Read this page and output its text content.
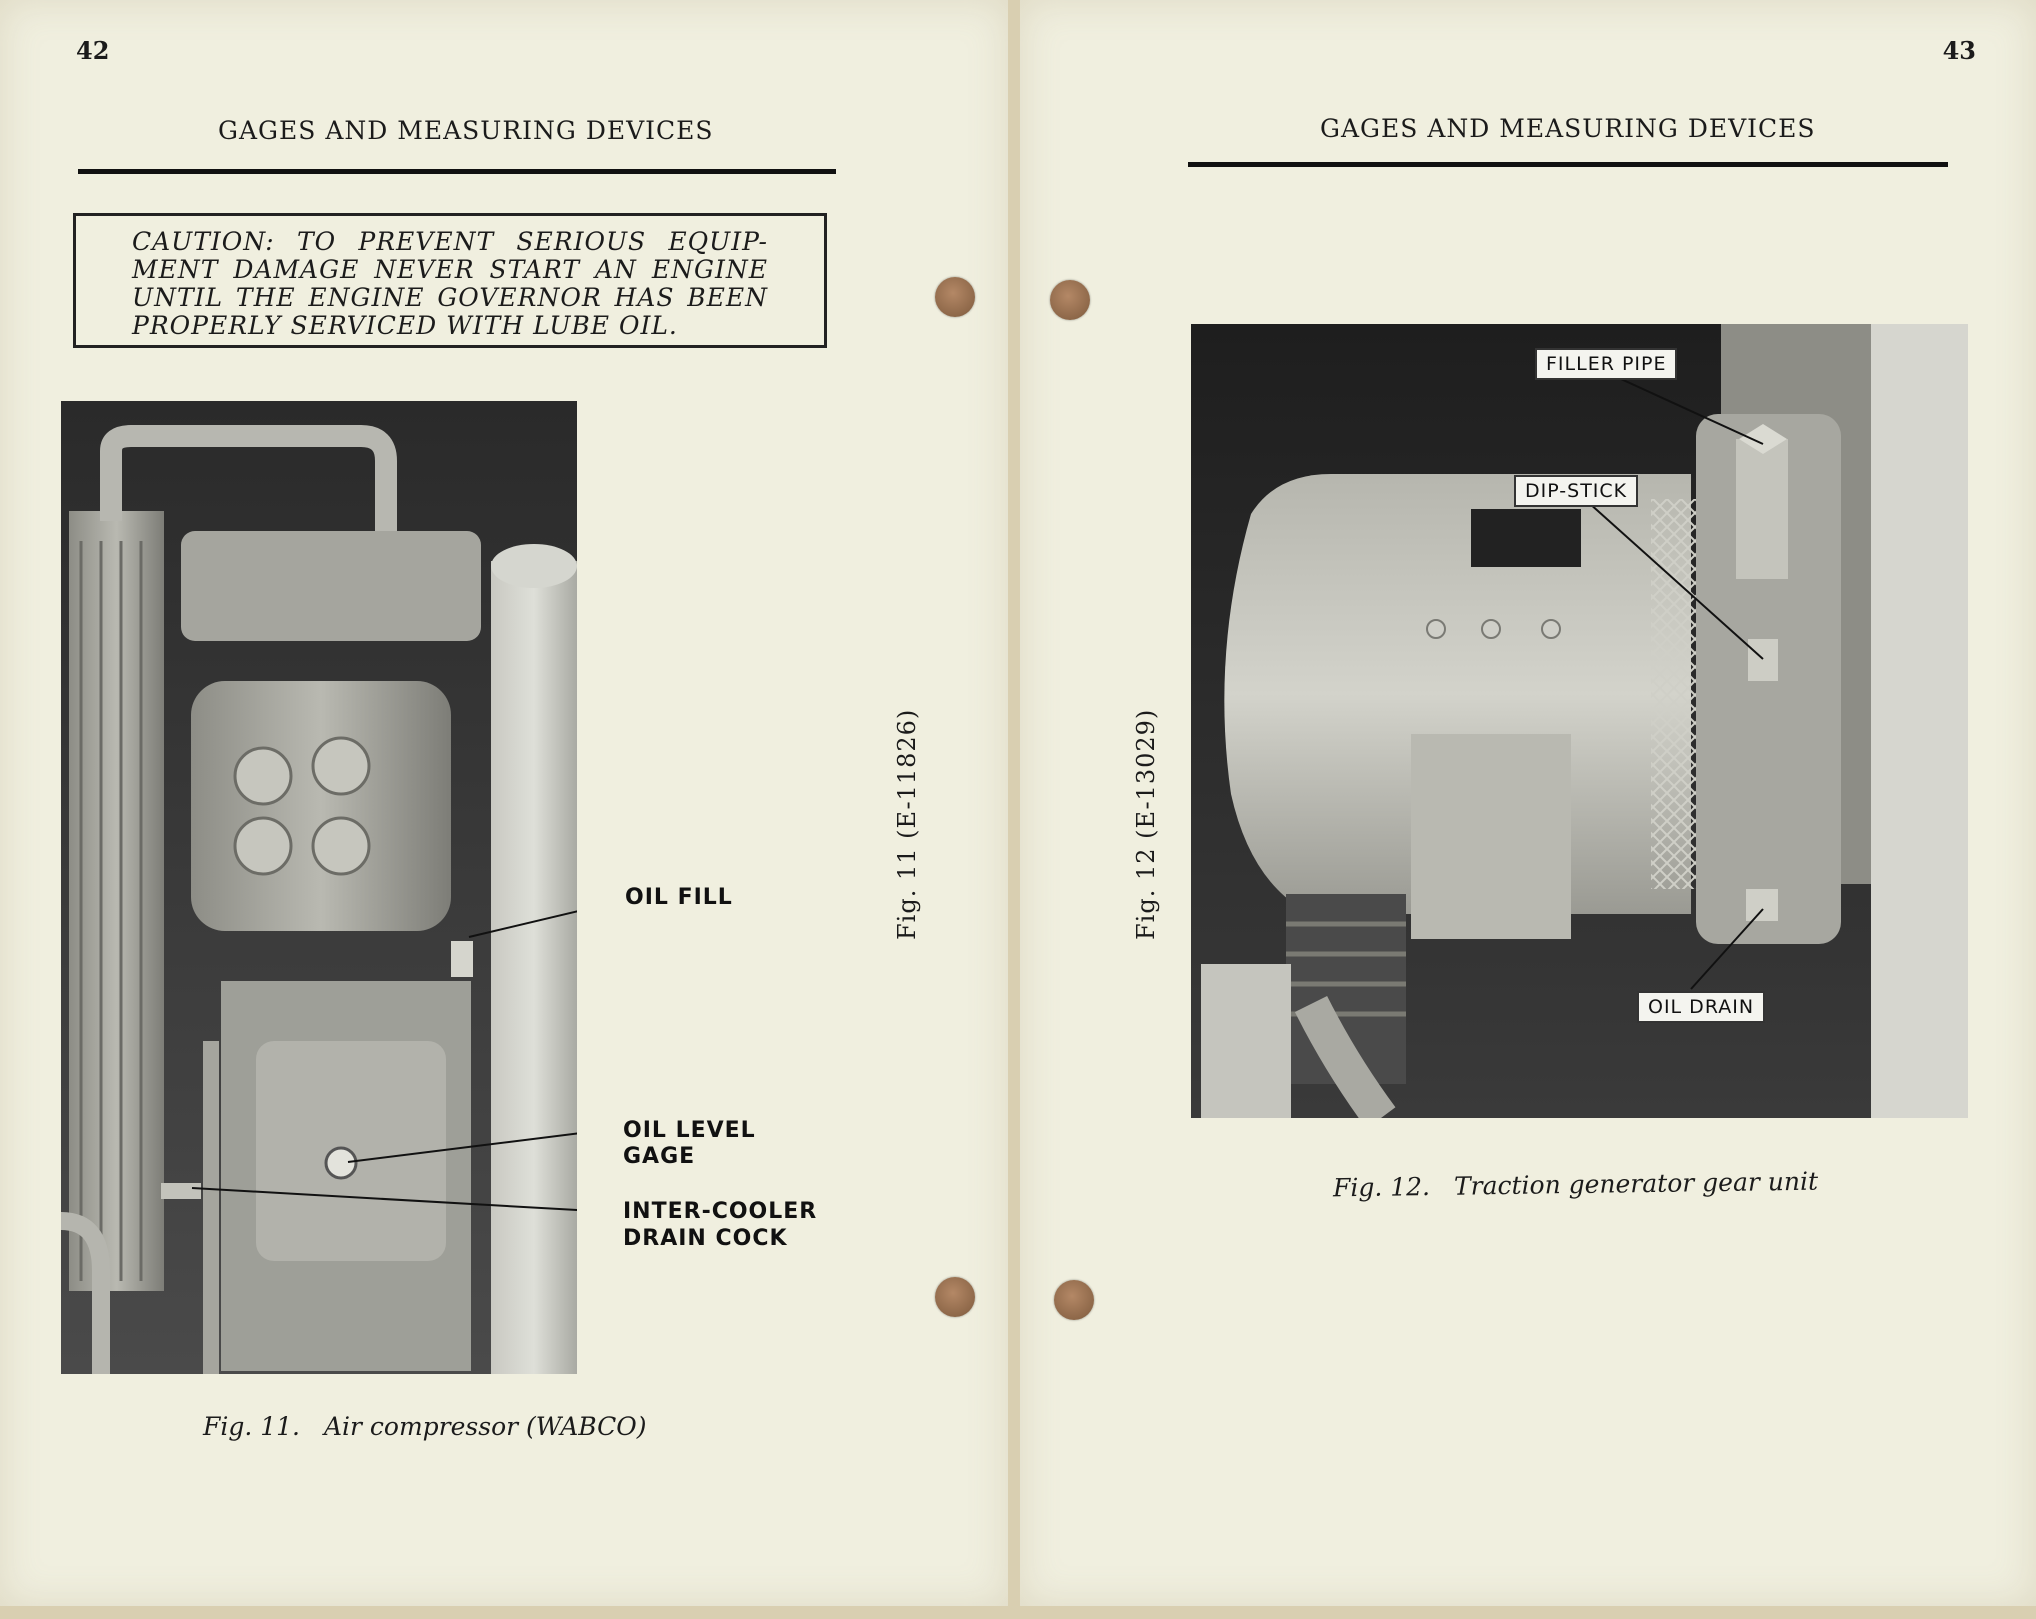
42
GAGES AND MEASURING DEVICES
CAUTION: TO PREVENT SERIOUS EQUIP-
MENT DAMAGE NEVER START AN ENGINE
UNTIL THE ENGINE GOVERNOR HAS BEEN
PROPERLY SERVICED WITH LUBE OIL.
OIL FILL
OIL LEVEL
GAGE
INTER-COOLER
DRAIN COCK
Fig. 11 (E-11826)
Fig. 11. Air compressor (WABCO)
43
GAGES AND MEASURING DEVICES
Fig. 12 (E-13029)
FILLER PIPE
DIP-STICK
OIL DRAIN
Fig. 12. Traction generator gear unit
